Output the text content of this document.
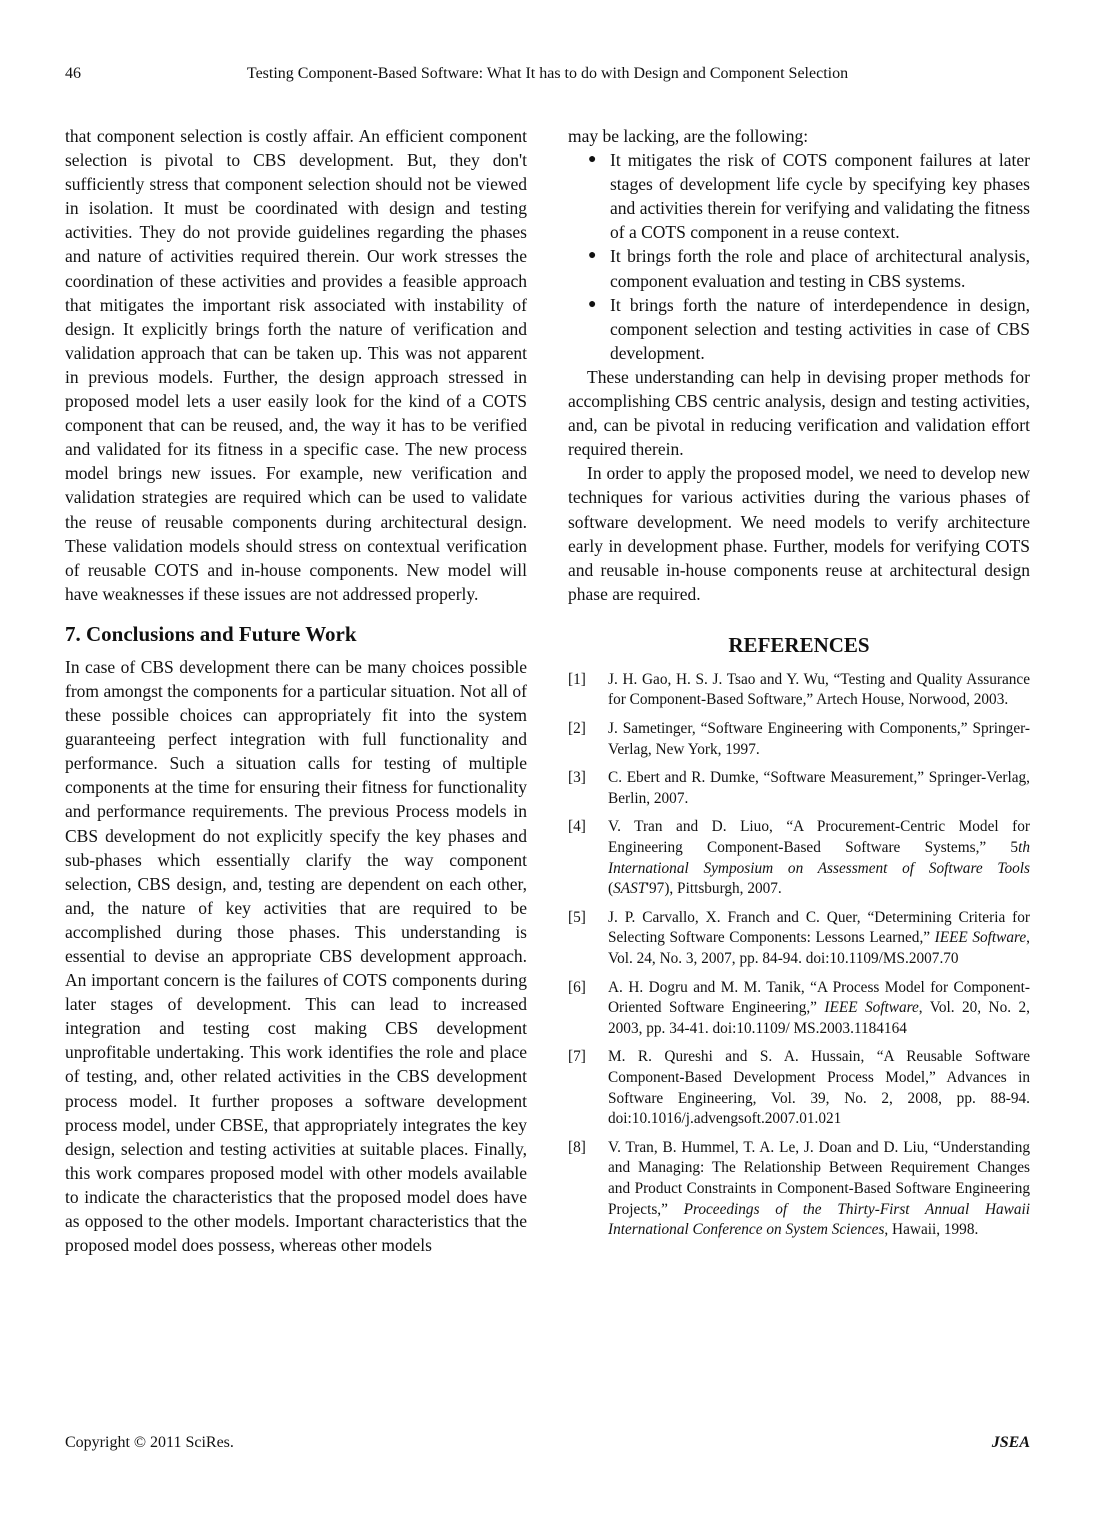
46	Testing Component-Based Software: What It has to do with Design and Component Selection

that component selection is costly affair. An efficient component selection is pivotal to CBS development. But, they don't sufficiently stress that component selection should not be viewed in isolation. It must be coordinated with design and testing activities. They do not provide guidelines regarding the phases and nature of activities required therein. Our work stresses the coordination of these activities and provides a feasible approach that mitigates the important risk associated with instability of design. It explicitly brings forth the nature of verification and validation approach that can be taken up. This was not apparent in previous models. Further, the design approach stressed in proposed model lets a user easily look for the kind of a COTS component that can be reused, and, the way it has to be verified and validated for its fitness in a specific case. The new process model brings new issues. For example, new verification and validation strategies are required which can be used to validate the reuse of reusable components during architectural design. These validation models should stress on contextual verification of reusable COTS and in-house components. New model will have weaknesses if these issues are not addressed properly.

7. Conclusions and Future Work

In case of CBS development there can be many choices possible from amongst the components for a particular situation. Not all of these possible choices can appropriately fit into the system guaranteeing perfect integration with full functionality and performance. Such a situation calls for testing of multiple components at the time for ensuring their fitness for functionality and performance requirements. The previous Process models in CBS development do not explicitly specify the key phases and sub-phases which essentially clarify the way component selection, CBS design, and, testing are dependent on each other, and, the nature of key activities that are required to be accomplished during those phases. This understanding is essential to devise an appropriate CBS development approach. An important concern is the failures of COTS components during later stages of development. This can lead to increased integration and testing cost making CBS development unprofitable undertaking. This work identifies the role and place of testing, and, other related activities in the CBS development process model. It further proposes a software development process model, under CBSE, that appropriately integrates the key design, selection and testing activities at suitable places. Finally, this work compares proposed model with other models available to indicate the characteristics that the proposed model does have as opposed to the other models. Important characteristics that the proposed model does possess, whereas other models

may be lacking, are the following:

● It mitigates the risk of COTS component failures at later stages of development life cycle by specifying key phases and activities therein for verifying and validating the fitness of a COTS component in a reuse context.
● It brings forth the role and place of architectural analysis, component evaluation and testing in CBS systems.
● It brings forth the nature of interdependence in design, component selection and testing activities in case of CBS development.

These understanding can help in devising proper methods for accomplishing CBS centric analysis, design and testing activities, and, can be pivotal in reducing verification and validation effort required therein.

In order to apply the proposed model, we need to develop new techniques for various activities during the various phases of software development. We need models to verify architecture early in development phase. Further, models for verifying COTS and reusable in-house components reuse at architectural design phase are required.

REFERENCES
[1]	J. H. Gao, H. S. J. Tsao and Y. Wu, “Testing and Quality Assurance for Component-Based Software,” Artech House, Norwood, 2003.
[2]	J. Sametinger, “Software Engineering with Components,” Springer-Verlag, New York, 1997.
[3]	C. Ebert and R. Dumke, “Software Measurement,” Springer-Verlag, Berlin, 2007.
[4]	V. Tran and D. Liuo, “A Procurement-Centric Model for Engineering Component-Based Software Systems,” 5th International Symposium on Assessment of Software Tools (SAST'97), Pittsburgh, 2007.
[5]	J. P. Carvallo, X. Franch and C. Quer, “Determining Criteria for Selecting Software Components: Lessons Learned,” IEEE Software, Vol. 24, No. 3, 2007, pp. 84-94. doi:10.1109/MS.2007.70
[6]	A. H. Dogru and M. M. Tanik, “A Process Model for Component-Oriented Software Engineering,” IEEE Software, Vol. 20, No. 2, 2003, pp. 34-41. doi:10.1109/ MS.2003.1184164
[7]	M. R. Qureshi and S. A. Hussain, “A Reusable Software Component-Based Development Process Model,” Advances in Software Engineering, Vol. 39, No. 2, 2008, pp. 88-94. doi:10.1016/j.advengsoft.2007.01.021
[8]	V. Tran, B. Hummel, T. A. Le, J. Doan and D. Liu, “Understanding and Managing: The Relationship Between Requirement Changes and Product Constraints in Component-Based Software Engineering Projects,” Proceedings of the Thirty-First Annual Hawaii International Conference on System Sciences, Hawaii, 1998.
Copyright © 2011 SciRes.	JSEA
